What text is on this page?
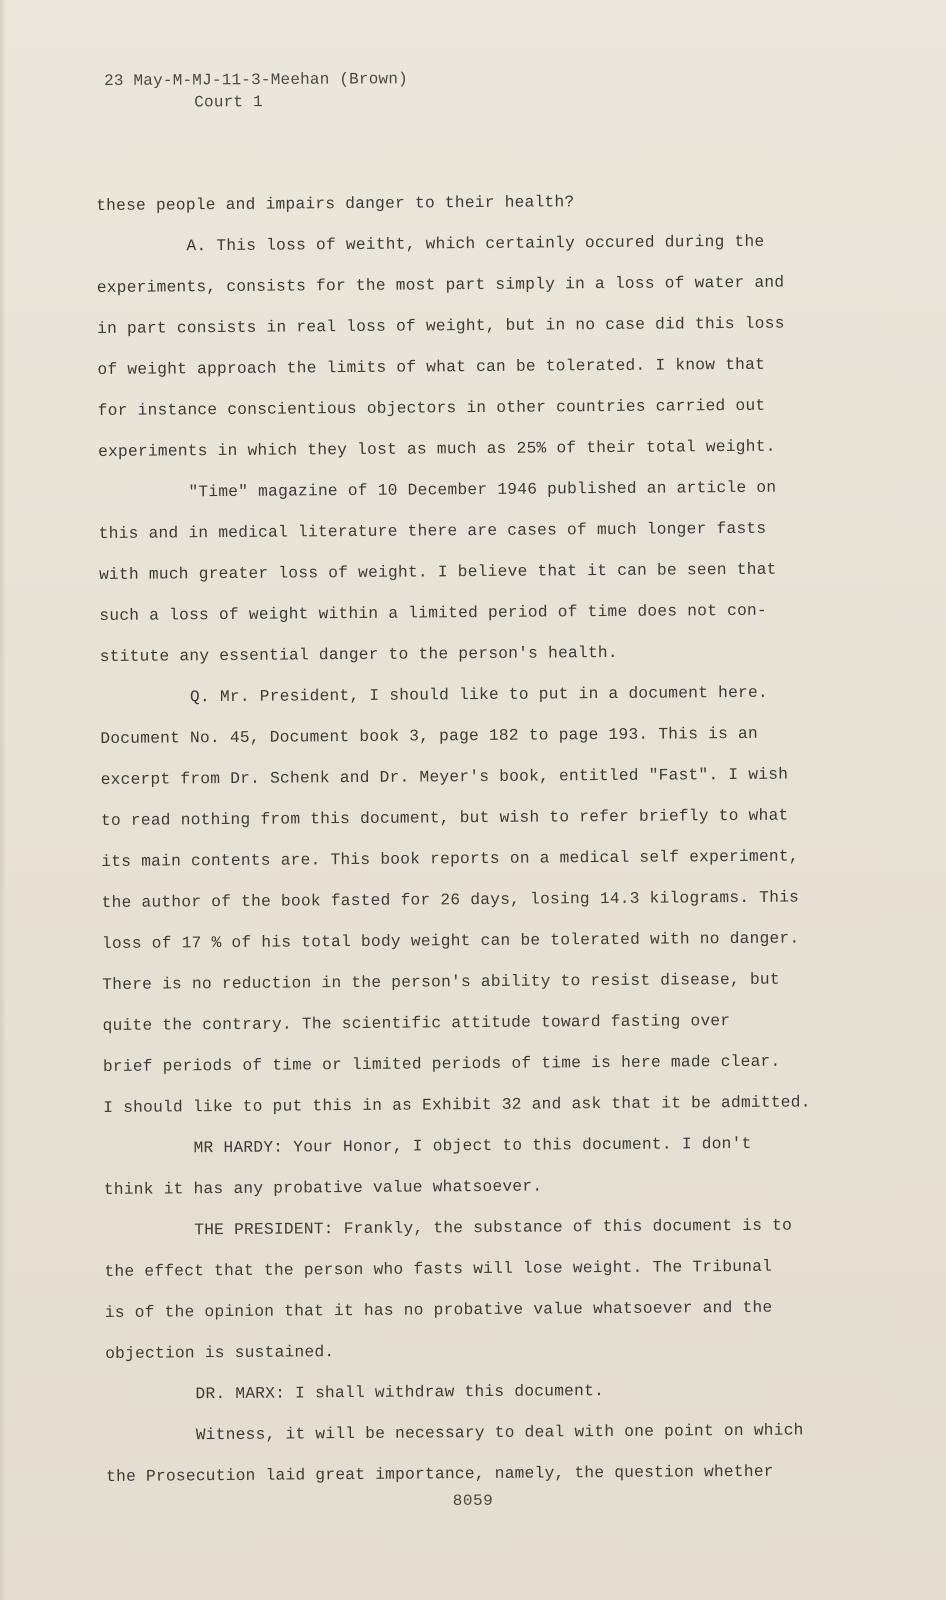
23 May-M-MJ-11-3-Meehan (Brown)
Court 1
these people and impairs danger to their health?
A. This loss of weitht, which certainly occured during the
experiments, consists for the most part simply in a loss of water and
in part consists in real loss of weight, but in no case did this loss
of weight approach the limits of what can be tolerated. I know that
for instance conscientious objectors in other countries carried out
experiments in which they lost as much as 25% of their total weight.
"Time" magazine of 10 December 1946 published an article on
this and in medical literature there are cases of much longer fasts
with much greater loss of weight. I believe that it can be seen that
such a loss of weight within a limited period of time does not con-
stitute any essential danger to the person's health.
Q. Mr. President, I should like to put in a document here.
Document No. 45, Document book 3, page 182 to page 193. This is an
excerpt from Dr. Schenk and Dr. Meyer's book, entitled "Fast". I wish
to read nothing from this document, but wish to refer briefly to what
its main contents are. This book reports on a medical self experiment,
the author of the book fasted for 26 days, losing 14.3 kilograms. This
loss of 17 % of his total body weight can be tolerated with no danger.
There is no reduction in the person's ability to resist disease, but
quite the contrary. The scientific attitude toward fasting over
brief periods of time or limited periods of time is here made clear.
I should like to put this in as Exhibit 32 and ask that it be admitted.
MR HARDY: Your Honor, I object to this document. I don't
think it has any probative value whatsoever.
THE PRESIDENT: Frankly, the substance of this document is to
the effect that the person who fasts will lose weight. The Tribunal
is of the opinion that it has no probative value whatsoever and the
objection is sustained.
DR. MARX: I shall withdraw this document.
Witness, it will be necessary to deal with one point on which
the Prosecution laid great importance, namely, the question whether
8059
